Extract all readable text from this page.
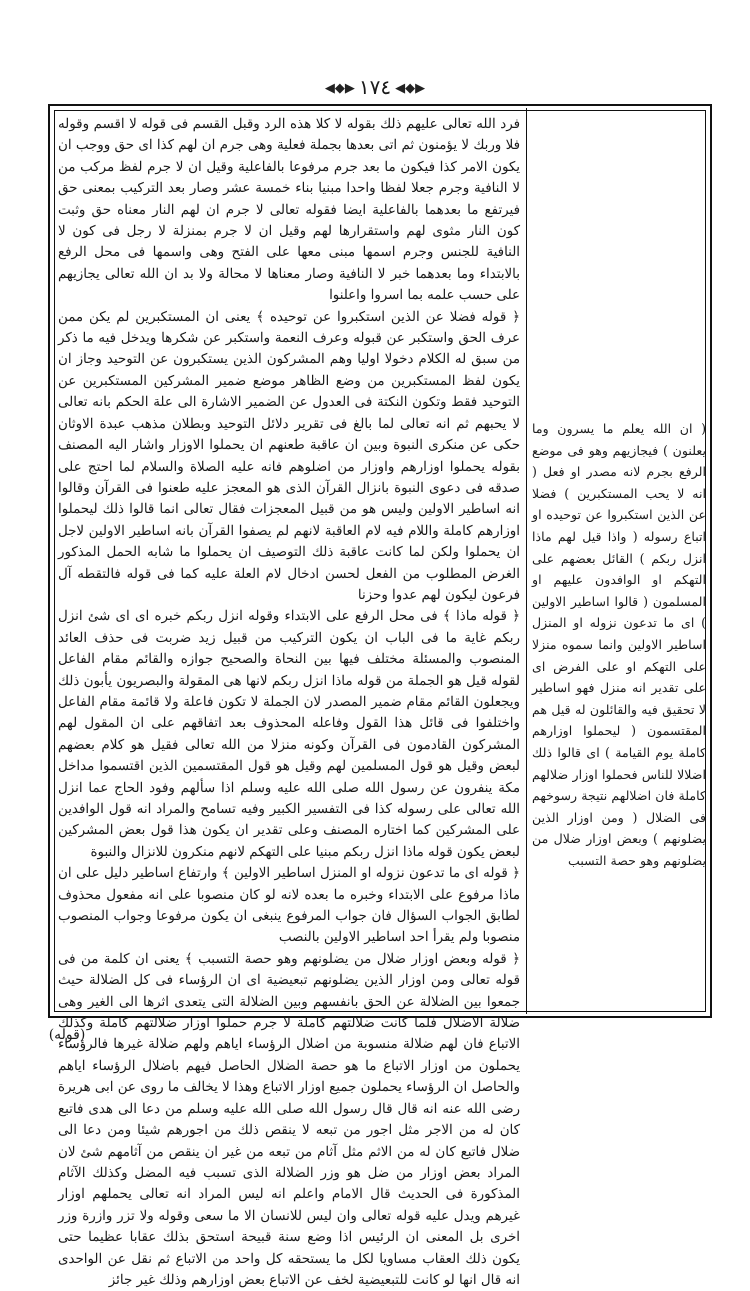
◀◆▶ ١٧٤ ◀◆▶

فرد الله تعالى عليهم ذلك بقوله لا كلا هذه الرد وقبل القسم فى قوله لا اقسم وقوله فلا وربك لا يؤمنون ثم اتى بعدها بجملة فعلية وهى جرم ان لهم كذا اى حق ووجب ان يكون الامر كذا فيكون ما بعد جرم مرفوعا بالفاعلية وقيل ان لا جرم لفظ مركب من لا النافية وجرم جعلا لفظا واحدا مبنيا بناء خمسة عشر وصار بعد التركيب بمعنى حق فيرتفع ما بعدهما بالفاعلية ايضا فقوله تعالى لا جرم ان لهم النار معناه حق وثبت كون النار مثوى لهم واستقرارها لهم وقيل ان لا جرم بمنزلة لا رجل فى كون لا النافية للجنس وجرم اسمها مبنى معها على الفتح وهى واسمها فى محل الرفع بالابتداء وما بعدهما خبر لا النافية وصار معناها لا محالة ولا بد ان الله تعالى يجازيهم على حسب علمه بما اسروا واعلنوا

﴿ قوله فضلا عن الذين استكبروا عن توحيده ﴾ يعنى ان المستكبرين لم يكن ممن عرف الحق واستكبر عن قبوله وعرف النعمة واستكبر عن شكرها ويدخل فيه ما ذكر من سبق له الكلام دخولا اوليا وهم المشركون الذين يستكبرون عن التوحيد وجاز ان يكون لفظ المستكبرين من وضع الظاهر موضع ضمير المشركين المستكبرين عن التوحيد فقط وتكون النكتة فى العدول عن الضمير الاشارة الى علة الحكم بانه تعالى لا يحبهم ثم انه تعالى لما بالغ فى تقرير دلائل التوحيد وبطلان مذهب عبدة الاوثان حكى عن منكرى النبوة وبين ان عاقبة طعنهم ان يحملوا الاوزار واشار اليه المصنف بقوله يحملوا اوزارهم واوزار من اضلوهم فانه عليه الصلاة والسلام لما احتج على صدقه فى دعوى النبوة بانزال القرآن الذى هو المعجز عليه طعنوا فى القرآن وقالوا انه اساطير الاولين وليس هو من قبيل المعجزات فقال تعالى انما قالوا ذلك ليحملوا اوزارهم كاملة واللام فيه لام العاقبة لانهم لم يصفوا القرآن بانه اساطير الاولين لاجل ان يحملوا ولكن لما كانت عاقبة ذلك التوصيف ان يحملوا ما شابه الحمل المذكور الغرض المطلوب من الفعل لحسن ادخال لام العلة عليه كما فى قوله فالتقطه آل فرعون ليكون لهم عدوا وحزنا

﴿ قوله ماذا ﴾ فى محل الرفع على الابتداء وقوله انزل ربكم خبره اى اى شئ انزل ربكم غاية ما فى الباب ان يكون التركيب من قبيل زيد ضربت فى حذف العائد المنصوب والمسئلة مختلف فيها بين النحاة والصحيح جوازه والقائم مقام الفاعل لقوله قيل هو الجملة من قوله ماذا انزل ربكم لانها هى المقولة والبصريون يأبون ذلك ويجعلون القائم مقام ضمير المصدر لان الجملة لا تكون فاعلة ولا قائمة مقام الفاعل واختلفوا فى قائل هذا القول وفاعله المحذوف بعد اتفاقهم على ان المقول لهم المشركون القادمون فى القرآن وكونه منزلا من الله تعالى فقيل هو كلام بعضهم لبعض وقيل هو قول المسلمين لهم وقيل هو قول المقتسمين الذين اقتسموا مداخل مكة ينفرون عن رسول الله صلى الله عليه وسلم اذا سألهم وفود الحاج عما انزل الله تعالى على رسوله كذا فى التفسير الكبير وفيه تسامح والمراد انه قول الوافدين على المشركين كما اختاره المصنف وعلى تقدير ان يكون هذا قول بعض المشركين لبعض يكون قوله ماذا انزل ربكم مبنيا على التهكم لانهم منكرون للانزال والنبوة

﴿ قوله اى ما تدعون نزوله او المنزل اساطير الاولين ﴾ وارتفاع اساطير دليل على ان ماذا مرفوع على الابتداء وخبره ما بعده لانه لو كان منصوبا على انه مفعول محذوف لطابق الجواب السؤال فان جواب المرفوع ينبغى ان يكون مرفوعا وجواب المنصوب منصوبا ولم يقرأ احد اساطير الاولين بالنصب

﴿ قوله وبعض اوزار ضلال من يضلونهم وهو حصة التسبب ﴾ يعنى ان كلمة من فى قوله تعالى ومن اوزار الذين يضلونهم تبعيضية اى ان الرؤساء فى كل الضلالة حيث جمعوا بين الضلالة عن الحق بانفسهم وبين الضلالة التى يتعدى اثرها الى الغير وهى ضلالة الاضلال فلما كانت ضلالتهم كاملة لا جرم حملوا اوزار ضلالتهم كاملة وكذلك الاتباع فان لهم ضلالة منسوبة من اضلال الرؤساء اياهم ولهم ضلالة غيرها فالرؤساء يحملون من اوزار الاتباع ما هو حصة الضلال الحاصل فيهم باضلال الرؤساء اياهم والحاصل ان الرؤساء يحملون جميع اوزار الاتباع وهذا لا يخالف ما روى عن ابى هريرة رضى الله عنه انه قال قال رسول الله صلى الله عليه وسلم من دعا الى هدى فاتبع كان له من الاجر مثل اجور من تبعه لا ينقص ذلك من اجورهم شيئا ومن دعا الى ضلال فاتبع كان له من الاثم مثل آثام من تبعه من غير ان ينقص من آثامهم شئ لان المراد بعض اوزار من ضل هو وزر الضلالة الذى تسبب فيه المضل وكذلك الآثام المذكورة فى الحديث قال الامام واعلم انه ليس المراد انه تعالى يحملهم اوزار غيرهم ويدل عليه قوله تعالى وان ليس للانسان الا ما سعى وقوله ولا تزر وازرة وزر اخرى بل المعنى ان الرئيس اذا وضع سنة قبيحة استحق بذلك عقابا عظيما حتى يكون ذلك العقاب مساويا لكل ما يستحقه كل واحد من الاتباع ثم نقل عن الواحدى انه قال انها لو كانت للتبعيضية لخف عن الاتباع بعض اوزارهم وذلك غير جائز

( ان الله يعلم ما يسرون وما يعلنون ) فيجازيهم وهو فى موضع الرفع بجرم لانه مصدر او فعل ( انه لا يحب المستكبرين ) فضلا عن الذين استكبروا عن توحيده او اتباع رسوله ( واذا قيل لهم ماذا انزل ربكم ) القائل بعضهم على التهكم او الوافدون عليهم او المسلمون ( قالوا اساطير الاولين ) اى ما تدعون نزوله او المنزل اساطير الاولين وانما سموه منزلا على التهكم او على الفرض اى على تقدير انه منزل فهو اساطير لا تحقيق فيه والقائلون له قيل هم المقتسمون ( ليحملوا اوزارهم كاملة يوم القيامة ) اى قالوا ذلك اضلالا للناس فحملوا اوزار ضلالهم كاملة فان اضلالهم نتيجة رسوخهم فى الضلال ( ومن اوزار الذين يضلونهم ) وبعض اوزار ضلال من يضلونهم وهو حصة التسبب

(قوله)
